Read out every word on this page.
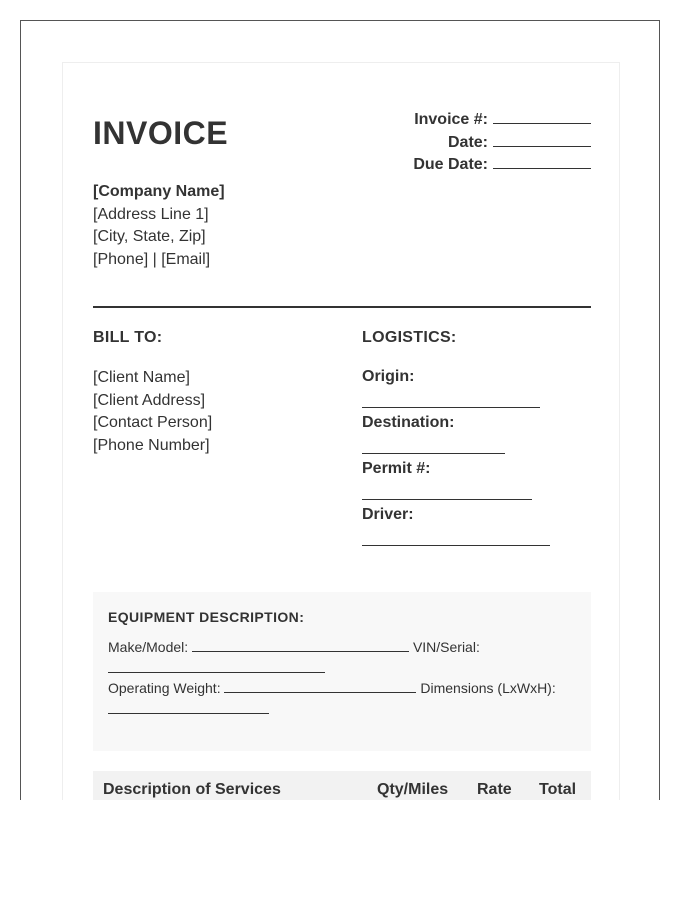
INVOICE	Invoice #:
Date:
Due Date:
[Company Name]
[Address Line 1]
[City, State, Zip]
[Phone] | [Email]
BILL TO:
[Client Name]
[Client Address]
[Contact Person]
[Phone Number]
LOGISTICS:
Origin:
Destination:
Permit #:
Driver:
EQUIPMENT DESCRIPTION:
Make/Model:	VIN/Serial:
Operating Weight:	Dimensions (LxWxH):
Description of Services	Qty/Miles Rate Total
